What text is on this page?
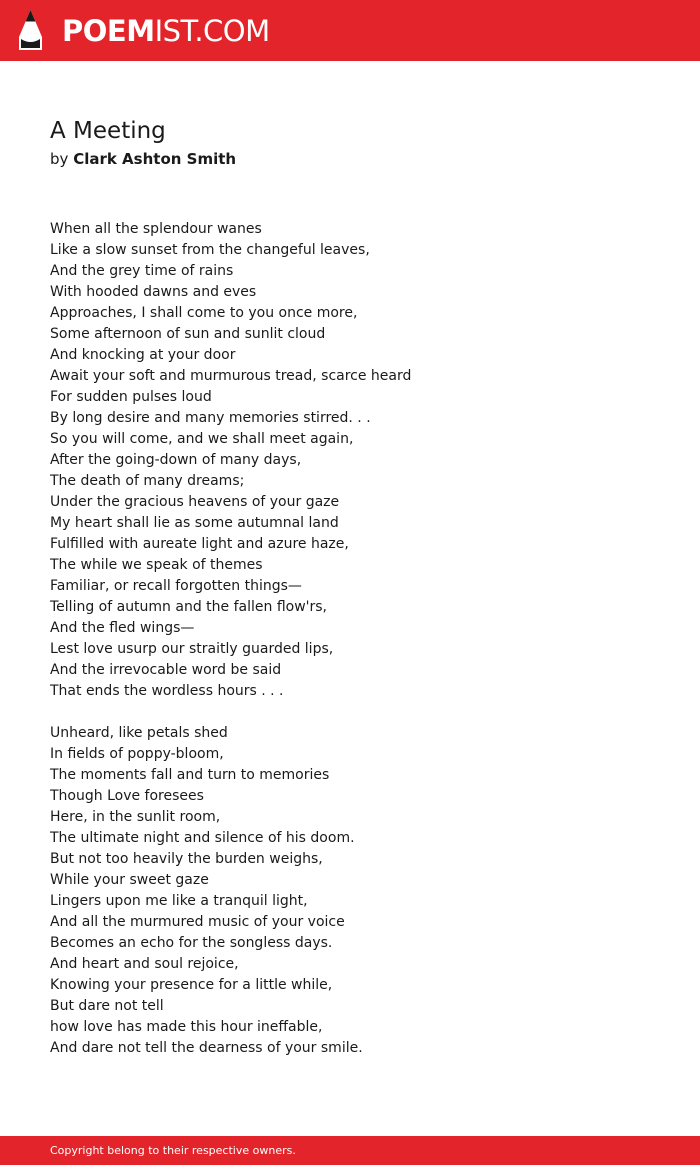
POEMIST.COM
A Meeting
by Clark Ashton Smith
When all the splendour wanes
Like a slow sunset from the changeful leaves,
And the grey time of rains
With hooded dawns and eves
Approaches, I shall come to you once more,
Some afternoon of sun and sunlit cloud
And knocking at your door
Await your soft and murmurous tread, scarce heard
For sudden pulses loud
By long desire and many memories stirred. . .
So you will come, and we shall meet again,
After the going-down of many days,
The death of many dreams;
Under the gracious heavens of your gaze
My heart shall lie as some autumnal land
Fulfilled with aureate light and azure haze,
The while we speak of themes
Familiar, or recall forgotten things—
Telling of autumn and the fallen flow'rs,
And the fled wings—
Lest love usurp our straitly guarded lips,
And the irrevocable word be said
That ends the wordless hours . . .
Unheard, like petals shed
In fields of poppy-bloom,
The moments fall and turn to memories
Though Love foresees
Here, in the sunlit room,
The ultimate night and silence of his doom.
But not too heavily the burden weighs,
While your sweet gaze
Lingers upon me like a tranquil light,
And all the murmured music of your voice
Becomes an echo for the songless days.
And heart and soul rejoice,
Knowing your presence for a little while,
But dare not tell
how love has made this hour ineffable,
And dare not tell the dearness of your smile.
Copyright belong to their respective owners.
